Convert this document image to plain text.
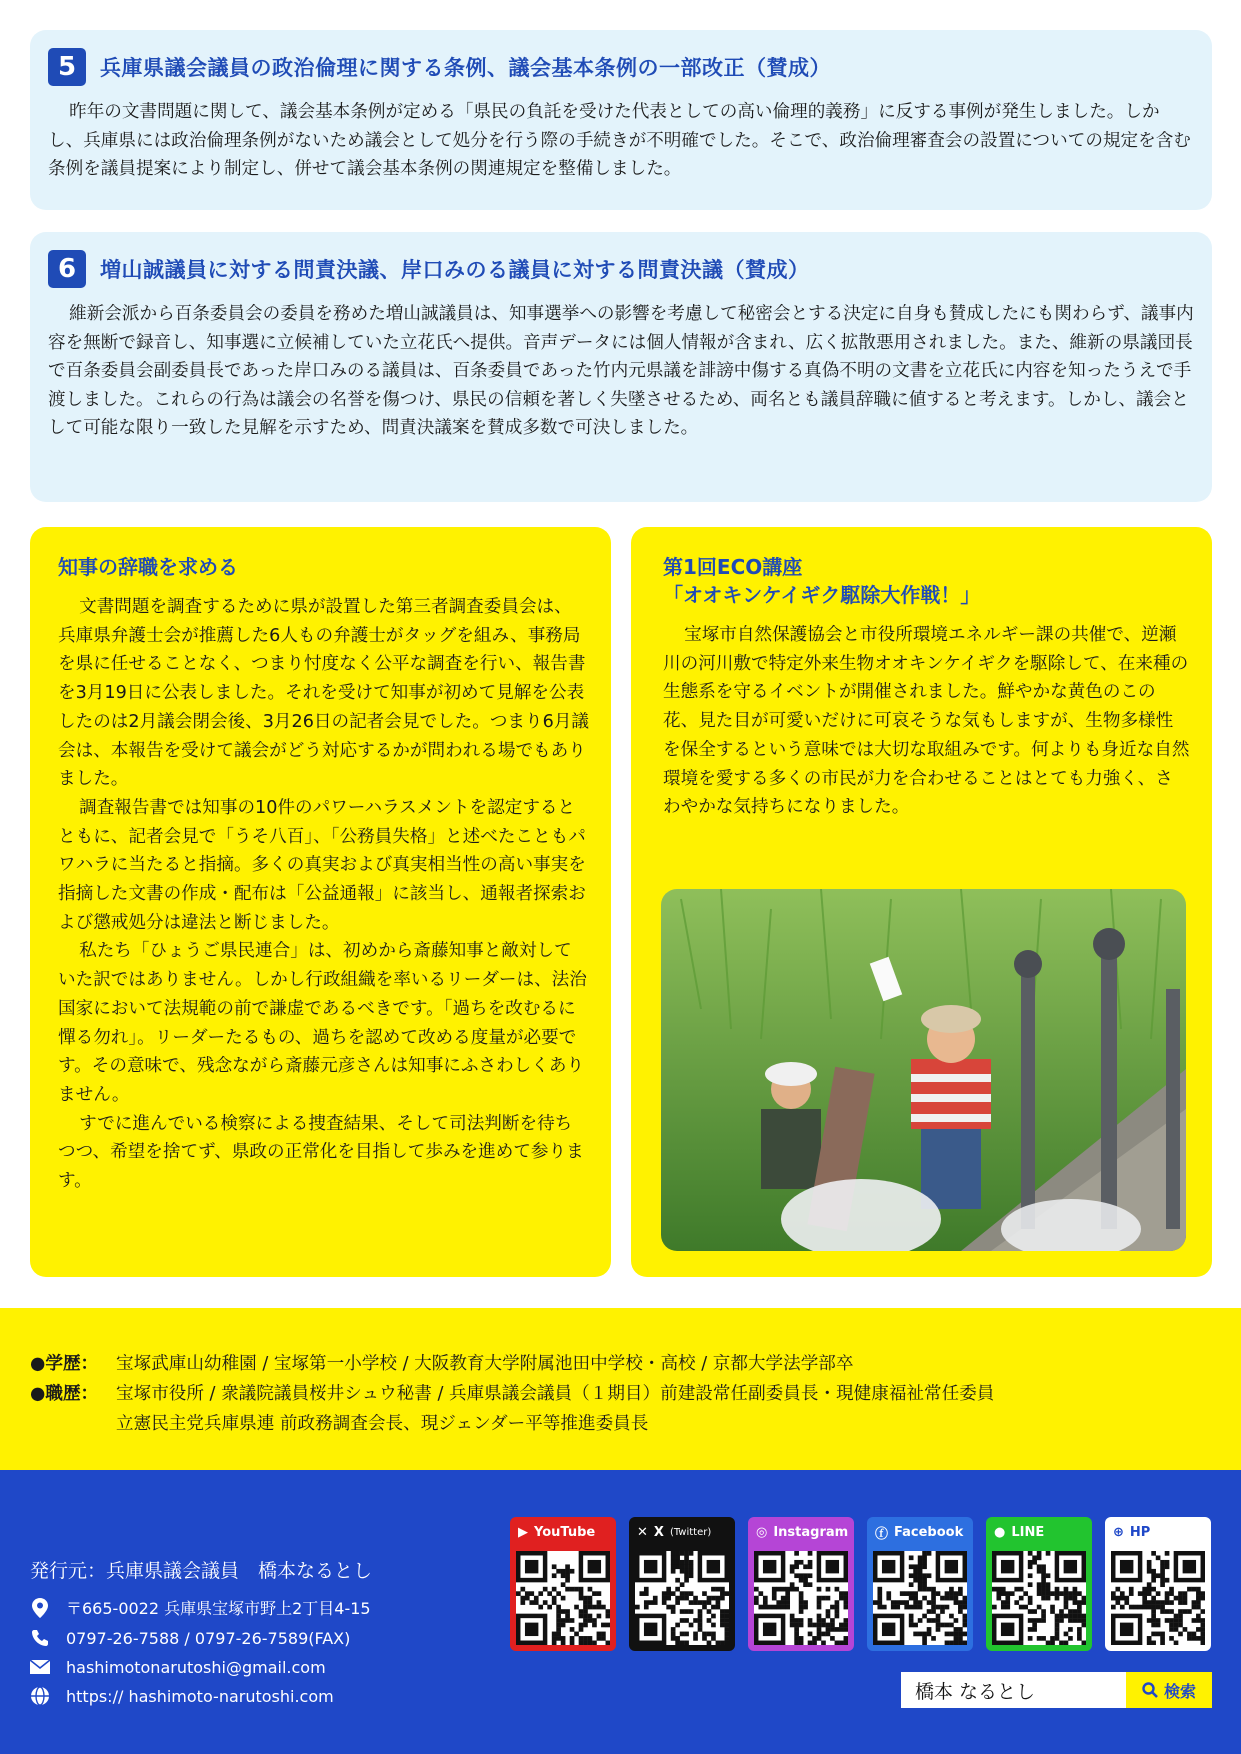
5	兵庫県議会議員の政治倫理に関する条例、議会基本条例の一部改正（賛成）

昨年の文書問題に関して、議会基本条例が定める「県民の負託を受けた代表としての高い倫理的義務」に反する事例が発生しました。しかし、兵庫県には政治倫理条例がないため議会として処分を行う際の手続きが不明確でした。そこで、政治倫理審査会の設置についての規定を含む条例を議員提案により制定し、併せて議会基本条例の関連規定を整備しました。

6	増山誠議員に対する問責決議、岸口みのる議員に対する問責決議（賛成）

維新会派から百条委員会の委員を務めた増山誠議員は、知事選挙への影響を考慮して秘密会とする決定に自身も賛成したにも関わらず、議事内容を無断で録音し、知事選に立候補していた立花氏へ提供。音声データには個人情報が含まれ、広く拡散悪用されました。また、維新の県議団長で百条委員会副委員長であった岸口みのる議員は、百条委員であった竹内元県議を誹謗中傷する真偽不明の文書を立花氏に内容を知ったうえで手渡しました。これらの行為は議会の名誉を傷つけ、県民の信頼を著しく失墜させるため、両名とも議員辞職に値すると考えます。しかし、議会として可能な限り一致した見解を示すため、問責決議案を賛成多数で可決しました。

知事の辞職を求める

文書問題を調査するために県が設置した第三者調査委員会は、兵庫県弁護士会が推薦した6人もの弁護士がタッグを組み、事務局を県に任せることなく、つまり忖度なく公平な調査を行い、報告書を3月19日に公表しました。それを受けて知事が初めて見解を公表したのは2月議会閉会後、3月26日の記者会見でした。つまり6月議会は、本報告を受けて議会がどう対応するかが問われる場でもありました。

調査報告書では知事の10件のパワーハラスメントを認定するとともに、記者会見で「うそ八百」、「公務員失格」と述べたこともパワハラに当たると指摘。多くの真実および真実相当性の高い事実を指摘した文書の作成・配布は「公益通報」に該当し、通報者探索および懲戒処分は違法と断じました。

私たち「ひょうご県民連合」は、初めから斎藤知事と敵対していた訳ではありません。しかし行政組織を率いるリーダーは、法治国家において法規範の前で謙虚であるべきです。「過ちを改むるに憚る勿れ」。リーダーたるもの、過ちを認めて改める度量が必要です。その意味で、残念ながら斎藤元彦さんは知事にふさわしくありません。

すでに進んでいる検察による捜査結果、そして司法判断を待ちつつ、希望を捨てず、県政の正常化を目指して歩みを進めて参ります。

第1回ECO講座
「オオキンケイギク駆除大作戦！」

宝塚市自然保護協会と市役所環境エネルギー課の共催で、逆瀬川の河川敷で特定外来生物オオキンケイギクを駆除して、在来種の生態系を守るイベントが開催されました。鮮やかな黄色のこの花、見た目が可愛いだけに可哀そうな気もしますが、生物多様性を保全するという意味では大切な取組みです。何よりも身近な自然環境を愛する多くの市民が力を合わせることはとても力強く、さわやかな気持ちになりました。

●学歴：	宝塚武庫山幼稚園 / 宝塚第一小学校 / 大阪教育大学附属池田中学校・高校 / 京都大学法学部卒
●職歴：	宝塚市役所 / 衆議院議員桜井シュウ秘書 / 兵庫県議会議員（１期目）前建設常任副委員長・現健康福祉常任委員
立憲民主党兵庫県連 前政務調査会長、現ジェンダー平等推進委員長
発行元：兵庫県議会議員　橋本なるとし
〒665-0022 兵庫県宝塚市野上2丁目4-15
0797-26-7588 / 0797-26-7589(FAX)
hashimotonarutoshi@gmail.com
https:// hashimoto-narutoshi.com
▶ YouTube	✕ X (Twitter)	◎ Instagram ⓕ Facebook ● LINE	⊕ HP
橋本 なるとし	検索
